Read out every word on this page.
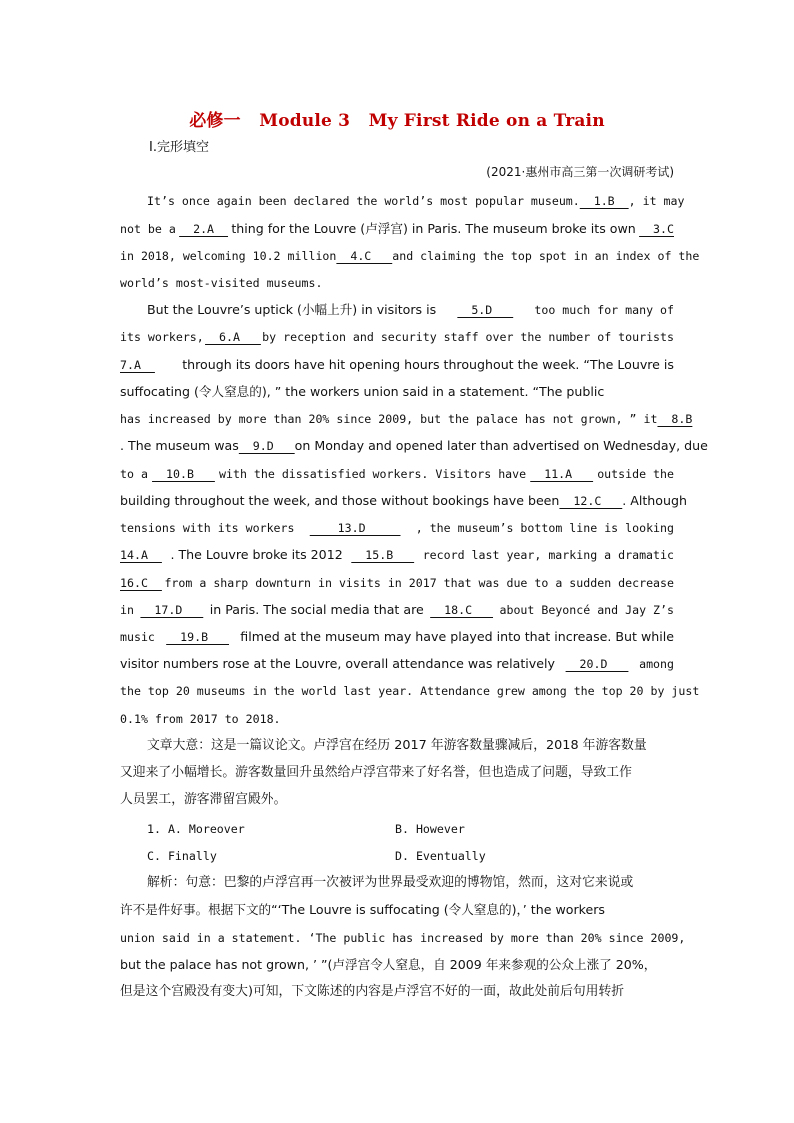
必修一 Module 3 My First Ride on a Train
Ⅰ.完形填空
(2021·惠州市高三第一次调研考试)
It’s once again been declared the world’s most popular museum. 1.B , it may
not be a 2.A thing for the Louvre (卢浮宫) in Paris. The museum broke its own 3.C
in 2018, welcoming 10.2 million 4.C and claiming the top spot in an index of the
world’s most-visited museums.
But the Louvre’s uptick (小幅上升) in visitors is 5.D too much for many of
its workers, 6.A by reception and security staff over the number of tourists
7.A through its doors have hit opening hours throughout the week. “The Louvre is
suffocating (令人窒息的), ” the workers union said in a statement. “The public
has increased by more than 20% since 2009, but the palace has not grown, ” it 8.B
. The museum was 9.D on Monday and opened later than advertised on Wednesday, due
to a 10.B with the dissatisfied workers. Visitors have 11.A outside the
building throughout the week, and those without bookings have been 12.C . Although
tensions with its workers 13.D , the museum’s bottom line is looking
14.A . The Louvre broke its 2012 15.B record last year, marking a dramatic
16.C from a sharp downturn in visits in 2017 that was due to a sudden decrease
in 17.D in Paris. The social media that are 18.C about Beyoncé and Jay Z’s
music 19.B filmed at the museum may have played into that increase. But while
visitor numbers rose at the Louvre, overall attendance was relatively 20.D among
the top 20 museums in the world last year. Attendance grew among the top 20 by just
0.1% from 2017 to 2018.
文章大意：这是一篇议论文。卢浮宫在经历 2017 年游客数量骤减后，2018 年游客数量
又迎来了小幅增长。游客数量回升虽然给卢浮宫带来了好名誉，但也造成了问题，导致工作
人员罢工，游客滞留宫殿外。
1. A. Moreover	B. However
C. Finally	D. Eventually
解析：句意：巴黎的卢浮宫再一次被评为世界最受欢迎的博物馆，然而，这对它来说或
许不是件好事。根据下文的“‘The Louvre is suffocating (令人窒息的)，’ the workers
union said in a statement. ‘The public has increased by more than 20% since 2009,
but the palace has not grown, ’ ”(卢浮宫令人窒息，自 2009 年来参观的公众上涨了 20%，
但是这个宫殿没有变大)可知，下文陈述的内容是卢浮宫不好的一面，故此处前后句用转折
